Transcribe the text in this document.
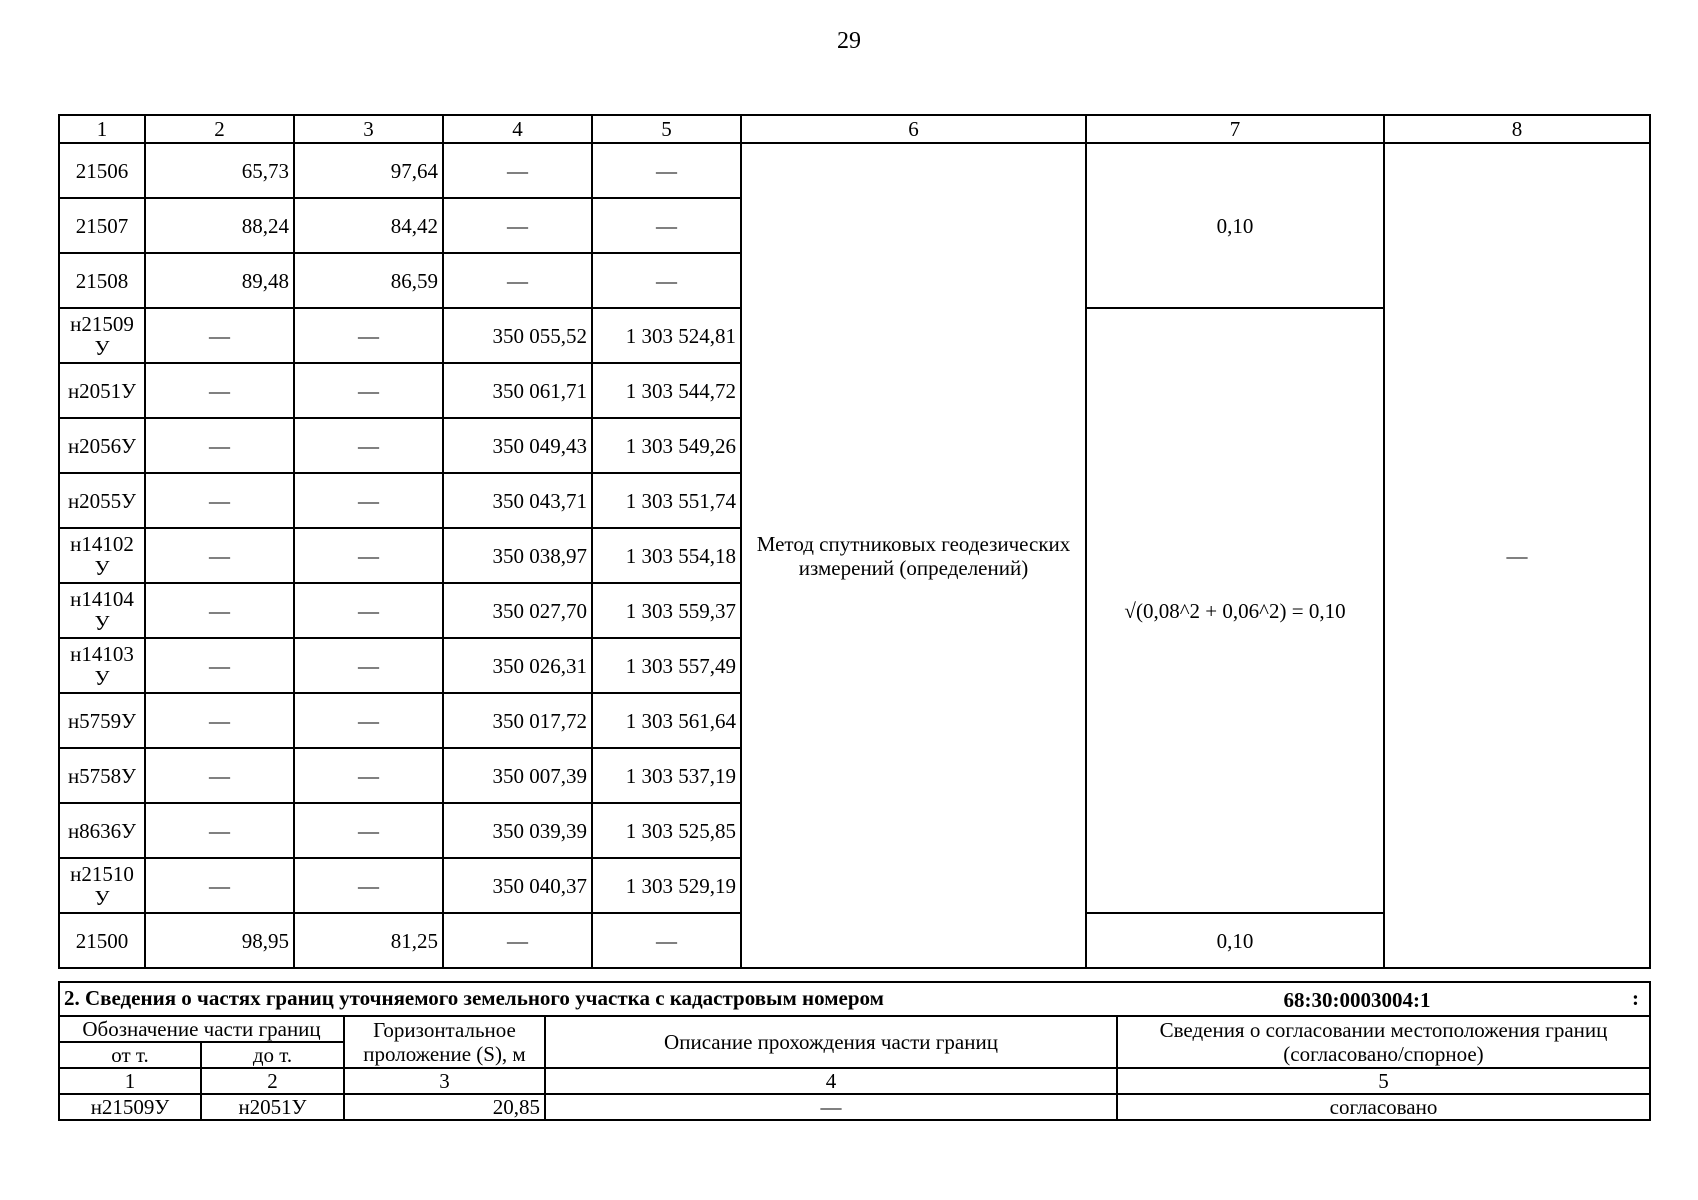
29
1	2	3	4	5	6	7	8
21506	65,73	97,64	—	—	Метод спутниковых геодезических измерений (определений)	0,10	—
21507	88,24	84,42	—	—			
21508	89,48	86,59	—	—			
н21509 У	—	—	350 055,52	1 303 524,81		√(0,08^2 + 0,06^2) = 0,10	
н2051У	—	—	350 061,71	1 303 544,72			
н2056У	—	—	350 049,43	1 303 549,26			
н2055У	—	—	350 043,71	1 303 551,74			
н14102 У	—	—	350 038,97	1 303 554,18			
н14104 У	—	—	350 027,70	1 303 559,37			
н14103 У	—	—	350 026,31	1 303 557,49			
н5759У	—	—	350 017,72	1 303 561,64			
н5758У	—	—	350 007,39	1 303 537,19			
н8636У	—	—	350 039,39	1 303 525,85			
н21510 У	—	—	350 040,37	1 303 529,19			
21500	98,95	81,25	—	—		0,10	
2. Сведения о частях границ уточняемого земельного участка с кадастровым номером 68:30:0003004:1 :				

Обозначение части границ		Горизонтальное проложение (S), м	Описание прохождения части границ	Сведения о согласовании местоположения границ (согласовано/спорное)
от т.	до т.			
1	2	3	4	5
н21509У	н2051У	20,85	—	согласовано
